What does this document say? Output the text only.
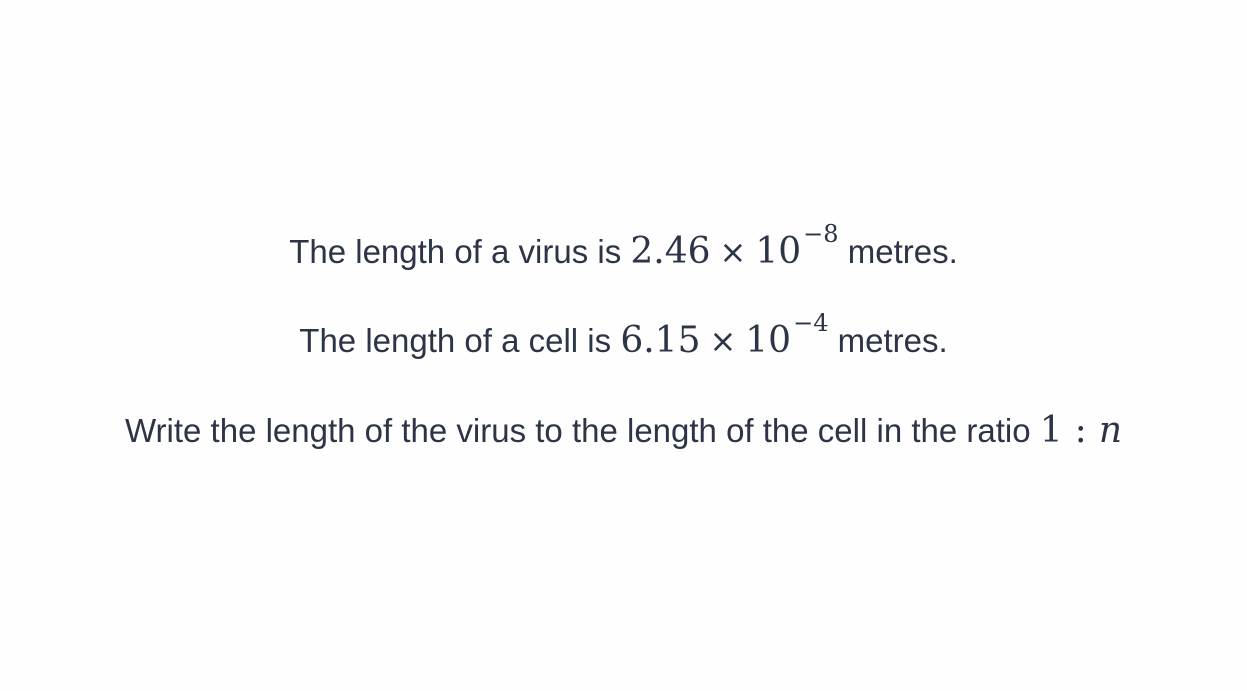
The length of a virus is $2.46 \times 10^{-8}$ metres.
The length of a cell is $6.15 \times 10^{-4}$ metres.
Write the length of the virus to the length of the cell in the ratio 1 : n
